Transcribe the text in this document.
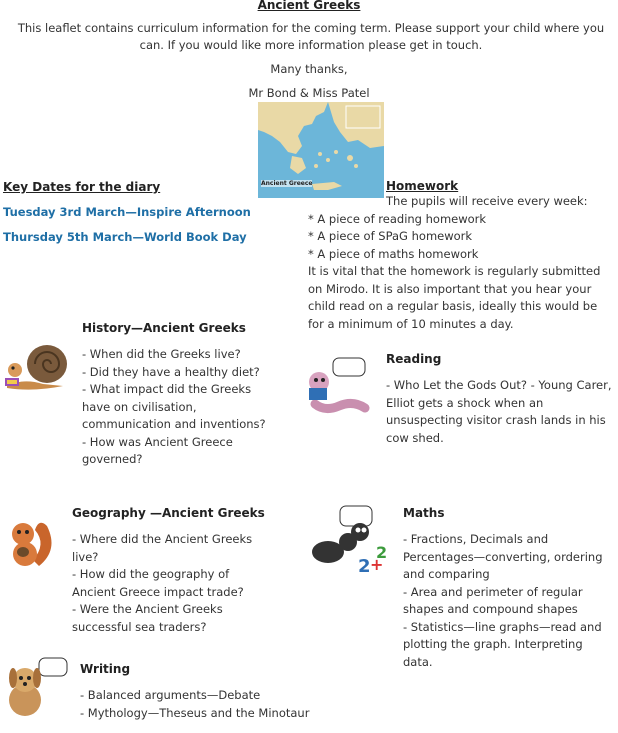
Ancient Greeks
This leaflet contains curriculum information for the coming term. Please support your child where you can. If you would like more information please get in touch.
Many thanks,
Mr Bond & Miss Patel
Ancient Greece
Key Dates for the diary
Tuesday 3rd March—Inspire Afternoon
Thursday 5th March—World Book Day
Homework
The pupils will receive every week:
* A piece of reading homework
* A piece of SPaG homework
* A piece of maths homework
It is vital that the homework is regularly submitted on Mirodo. It is also important that you hear your child read on a regular basis, ideally this would be for a minimum of 10 minutes a day.
History—Ancient Greeks
- When did the Greeks live?
- Did they have a healthy diet?
- What impact did the Greeks have on civilisation, communication and inventions?
- How was Ancient Greece governed?
Reading
- Who Let the Gods Out? - Young Carer, Elliot gets a shock when an unsuspecting visitor crash lands in his cow shed.
Geography —Ancient Greeks
- Where did the Ancient Greeks live?
- How did the geography of Ancient Greece impact trade?
- Were the Ancient Greeks successful sea traders?
2 +
2
Maths
- Fractions, Decimals and Percentages—converting, ordering and comparing
- Area and perimeter of regular shapes and compound shapes
- Statistics—line graphs—read and plotting the graph. Interpreting data.
Writing
- Balanced arguments—Debate
- Mythology—Theseus and the Minotaur
